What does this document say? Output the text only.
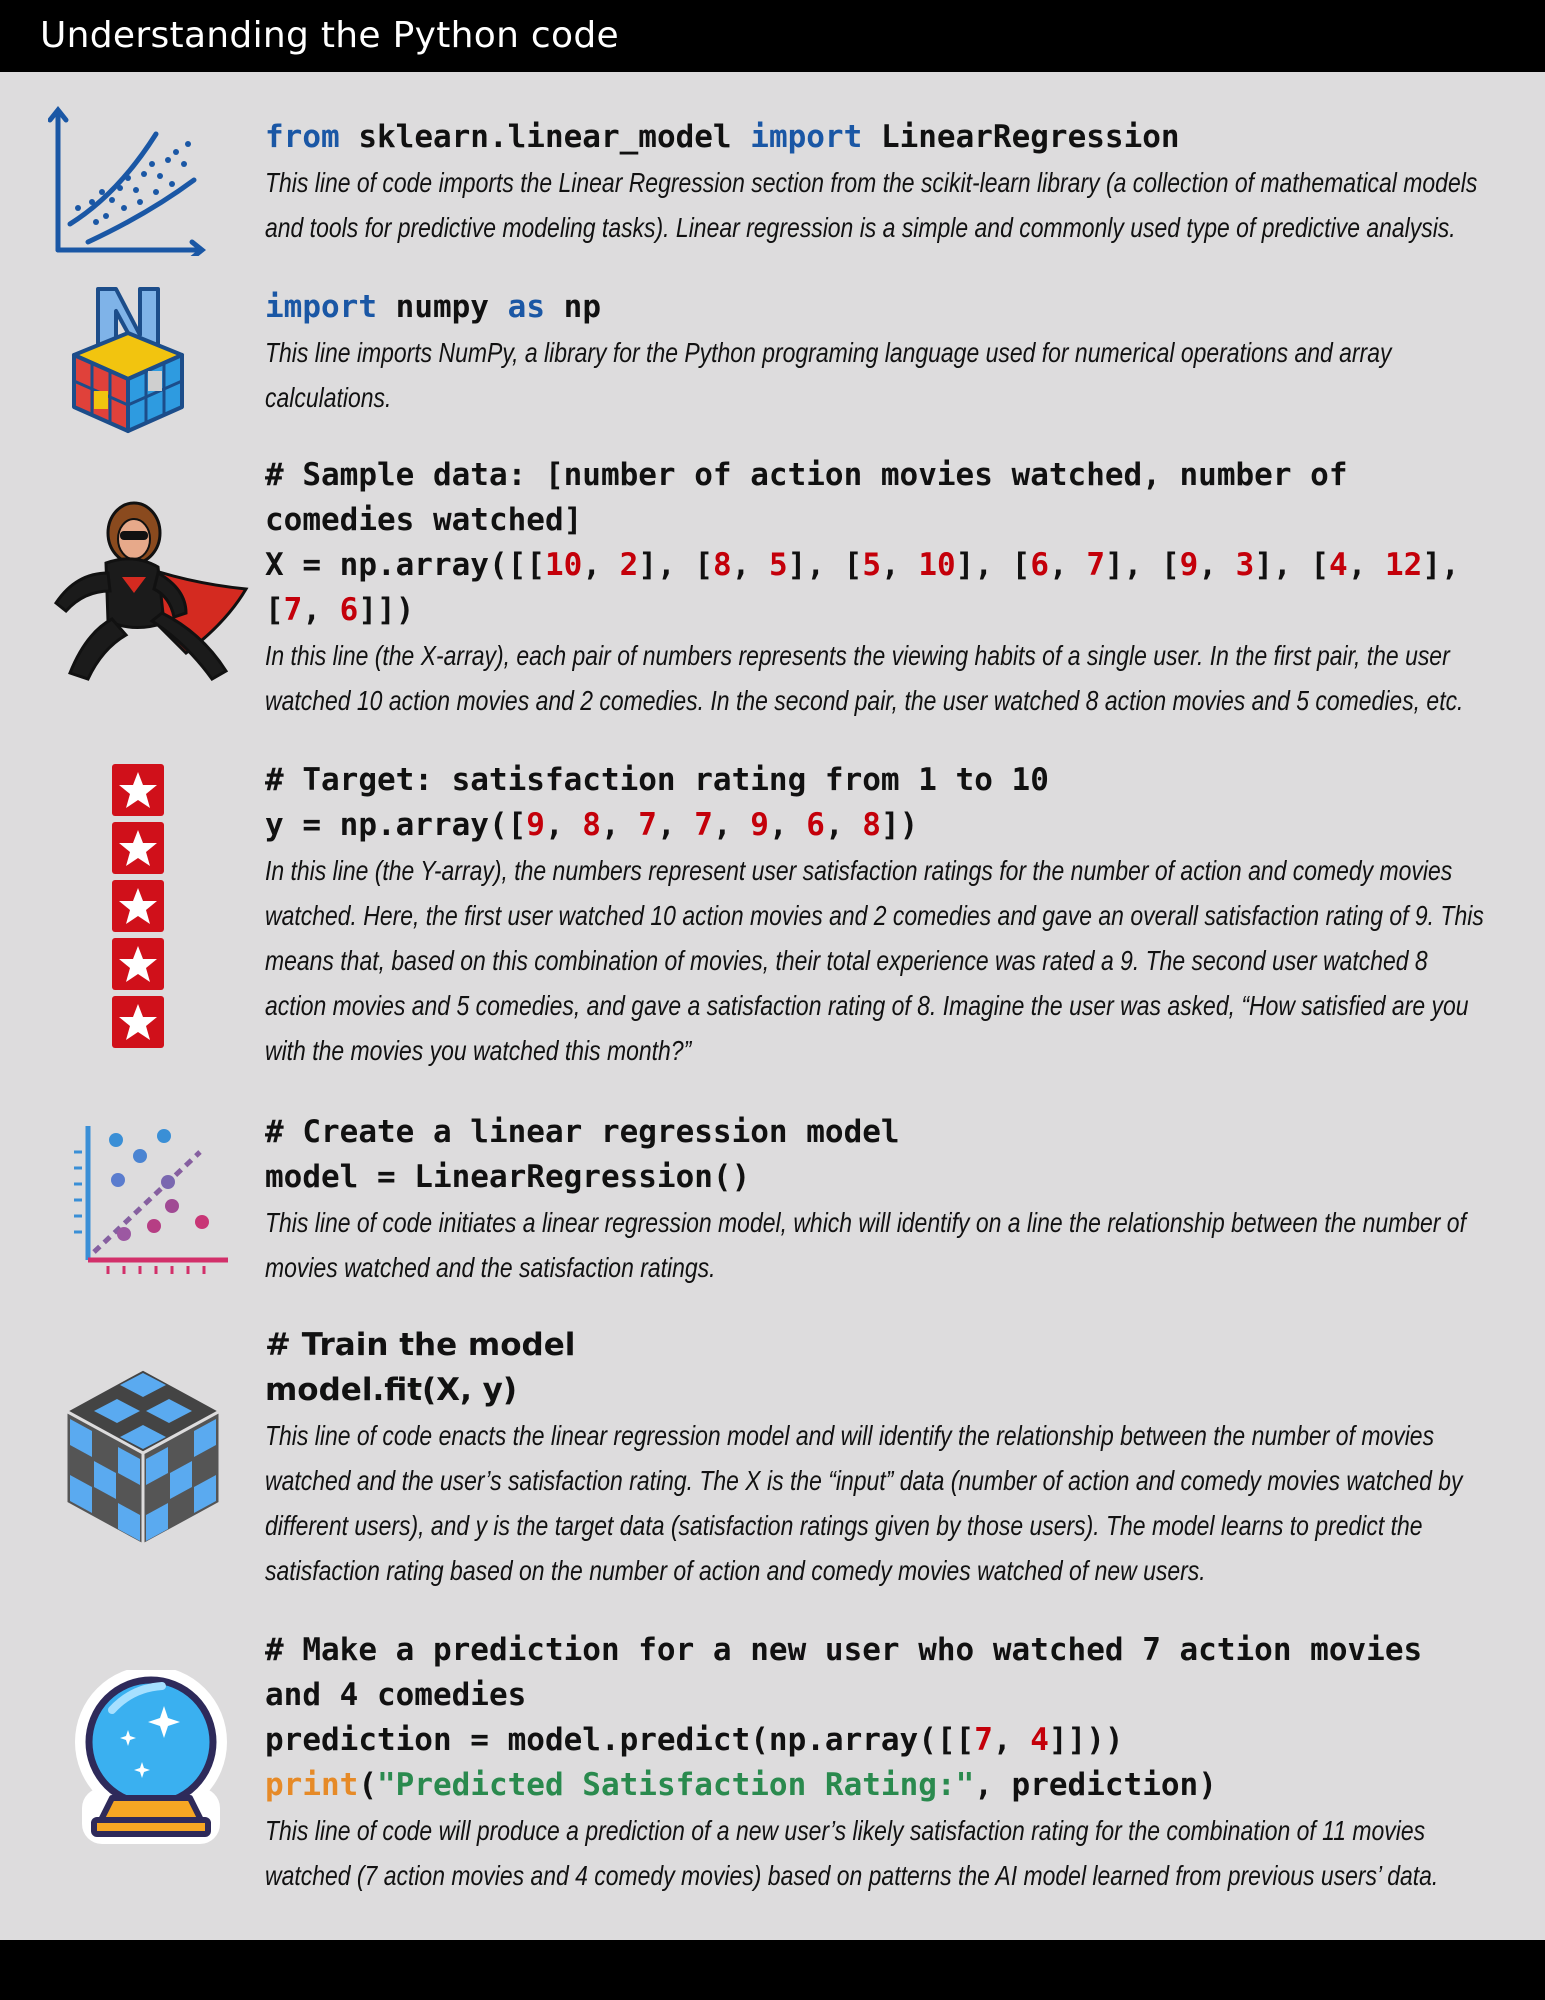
Understanding the Python code
from sklearn.linear_model import LinearRegression

This line of code imports the Linear Regression section from the scikit-learn library (a collection of mathematical models and tools for predictive modeling tasks). Linear regression is a simple and commonly used type of predictive analysis.

import numpy as np

This line imports NumPy, a library for the Python programing language used for numerical operations and array calculations.

# Sample data: [number of action movies watched, number of comedies watched]
X = np.array([[10, 2], [8, 5], [5, 10], [6, 7], [9, 3], [4, 12], [7, 6]])

In this line (the X-array), each pair of numbers represents the viewing habits of a single user. In the first pair, the user watched 10 action movies and 2 comedies. In the second pair, the user watched 8 action movies and 5 comedies, etc.

# Target: satisfaction rating from 1 to 10
y = np.array([9, 8, 7, 7, 9, 6, 8])

In this line (the Y-array), the numbers represent user satisfaction ratings for the number of action and comedy movies watched. Here, the first user watched 10 action movies and 2 comedies and gave an overall satisfaction rating of 9. This means that, based on this combination of movies, their total experience was rated a 9. The second user watched 8 action movies and 5 comedies, and gave a satisfaction rating of 8. Imagine the user was asked, “How satisfied are you with the movies you watched this month?”

# Create a linear regression model
model = LinearRegression()

This line of code initiates a linear regression model, which will identify on a line the relationship between the number of movies watched and the satisfaction ratings.

# Train the model
model.fit(X, y)

This line of code enacts the linear regression model and will identify the relationship between the number of movies watched and the user’s satisfaction rating. The X is the “input” data (number of action and comedy movies watched by different users), and y is the target data (satisfaction ratings given by those users). The model learns to predict the satisfaction rating based on the number of action and comedy movies watched of new users.

# Make a prediction for a new user who watched 7 action movies and 4 comedies
prediction = model.predict(np.array([[7, 4]]))
print("Predicted Satisfaction Rating:", prediction)

This line of code will produce a prediction of a new user’s likely satisfaction rating for the combination of 11 movies watched (7 action movies and 4 comedy movies) based on patterns the AI model learned from previous users’ data.
